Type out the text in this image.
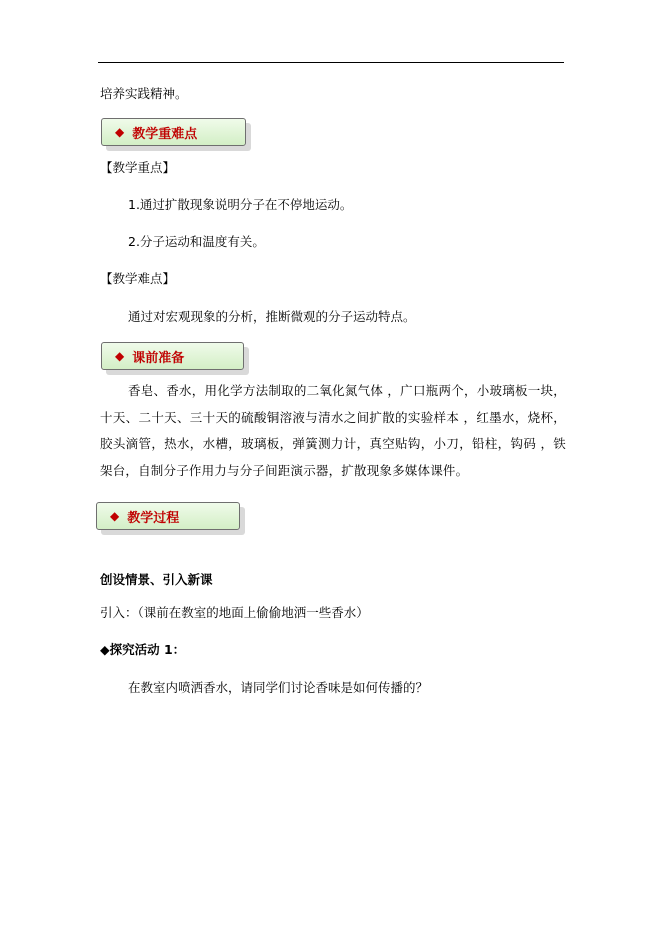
培养实践精神。
◆ 教学重难点
【教学重点】
1.通过扩散现象说明分子在不停地运动。
2.分子运动和温度有关。
【教学难点】
通过对宏观现象的分析，推断微观的分子运动特点。
◆ 课前准备
香皂、香水，用化学方法制取的二氧化氮气体 ，广口瓶两个，小玻璃板一块，十天、二十天、三十天的硫酸铜溶液与清水之间扩散的实验样本 ，红墨水，烧杯，胶头滴管，热水，水槽，玻璃板，弹簧测力计，真空贴钩，小刀，铅柱，钩码 ，铁架台，自制分子作用力与分子间距演示器，扩散现象多媒体课件。
◆ 教学过程
创设情景、引入新课
引入：（课前在教室的地面上偷偷地洒一些香水）
◆探究活动 1：
在教室内喷洒香水，请同学们讨论香味是如何传播的？
